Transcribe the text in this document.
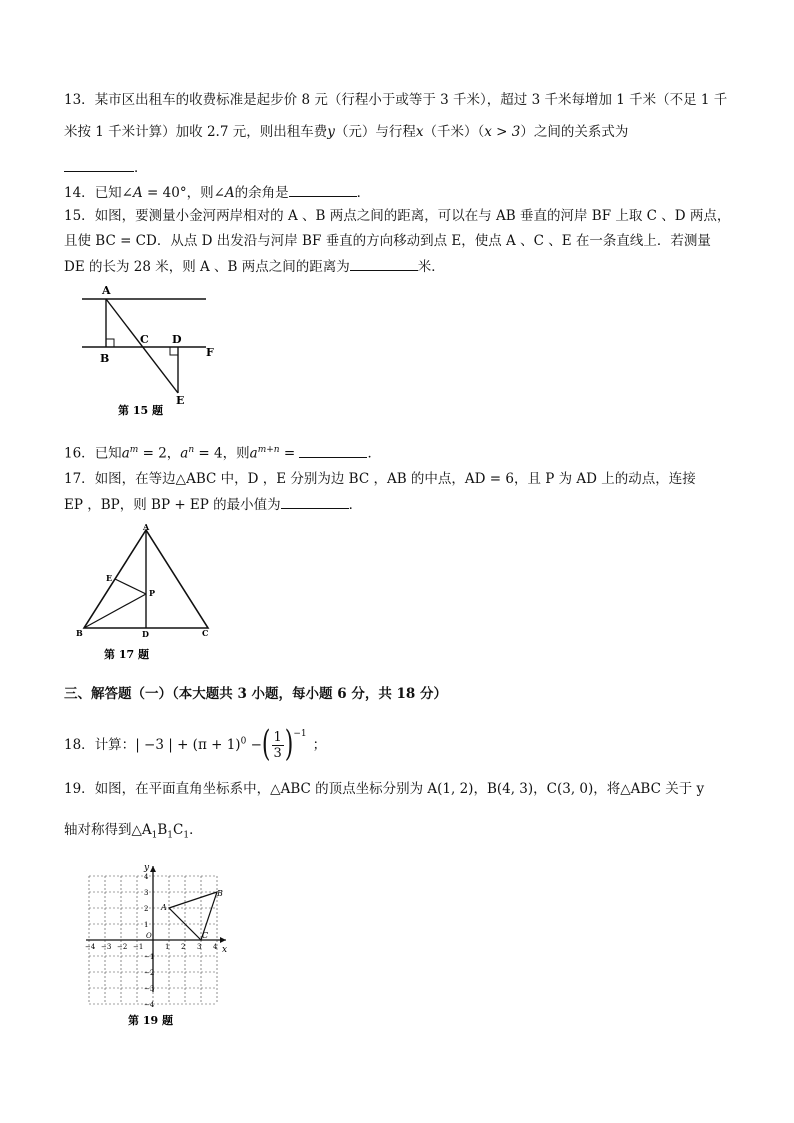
13．某市区出租车的收费标准是起步价 8 元（行程小于或等于 3 千米），超过 3 千米每增加 1 千米（不足 1 千
米按 1 千米计算）加收 2.7 元，则出租车费y（元）与行程x（千米）（x > 3）之间的关系式为
．
14．已知∠A = 40°，则∠A的余角是	．
15．如图，要测量小金河两岸相对的 A 、B 两点之间的距离，可以在与 AB 垂直的河岸 BF 上取 C 、D 两点，
且使 BC = CD．从点 D 出发沿与河岸 BF 垂直的方向移动到点 E，使点 A 、C 、E 在一条直线上．若测量
DE 的长为 28 米，则 A 、B 两点之间的距离为	米．
A
B
C D
E
F
第 15 题
16．已知$a^m = 2$，$a^n = 4$，则$a^{m+n}$ =	．
17．如图，在等边△ABC 中，D ，E 分别为边 BC ，AB 的中点，AD = 6，且 P 为 AD 上的动点，连接
EP ，BP，则 BP + EP 的最小值为	．
A
B	C
D
E
P
第 17 题
三、解答题（一）（本大题共 3 小题，每小题 6 分，共 18 分）
18．计算：| −3 | + $(\pi + 1)^0$ −( $\frac{1}{3} )^{-1}$；
19．如图，在平面直角坐标系中，△ABC 的顶点坐标分别为 A(1, 2)，B(4, 3)，C(3, 0)，将△ABC 关于 y
轴对称得到$\triangle A_1B_1C_1$．
x
y
O
−4 −3 −2 −1	1 2 3 4
4
3
2
1
−1
−2
−3
−4
A
B
C
第 19 题
